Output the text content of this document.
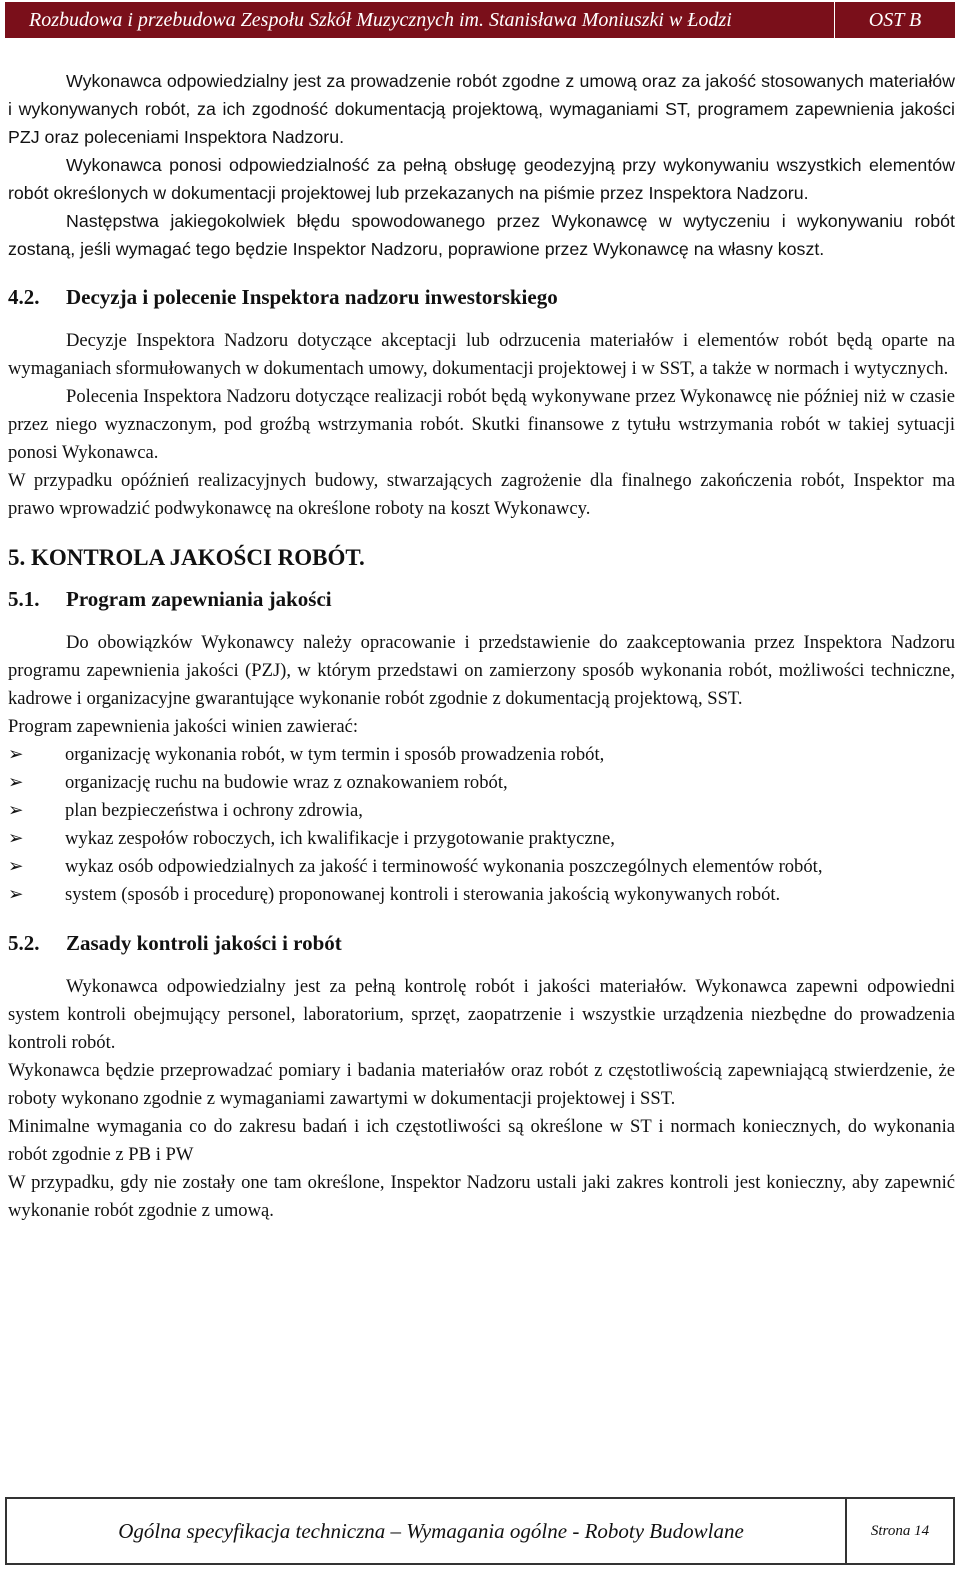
Rozbudowa i przebudowa Zespołu Szkół Muzycznych im. Stanisława Moniuszki w Łodzi	OST B

Wykonawca odpowiedzialny jest za prowadzenie robót zgodne z umową oraz za jakość stosowanych materiałów i wykonywanych robót, za ich zgodność dokumentacją projektową, wymaganiami ST, programem zapewnienia jakości PZJ oraz poleceniami Inspektora Nadzoru.

Wykonawca ponosi odpowiedzialność za pełną obsługę geodezyjną przy wykonywaniu wszystkich elementów robót określonych w dokumentacji projektowej lub przekazanych na piśmie przez Inspektora Nadzoru.

Następstwa jakiegokolwiek błędu spowodowanego przez Wykonawcę w wytyczeniu i wykonywaniu robót zostaną, jeśli wymagać tego będzie Inspektor Nadzoru, poprawione przez Wykonawcę na własny koszt.

4.2. Decyzja i polecenie Inspektora nadzoru inwestorskiego

Decyzje Inspektora Nadzoru dotyczące akceptacji lub odrzucenia materiałów i elementów robót będą oparte na wymaganiach sformułowanych w dokumentach umowy, dokumentacji projektowej i w SST, a także w normach i wytycznych.

Polecenia Inspektora Nadzoru dotyczące realizacji robót będą wykonywane przez Wykonawcę nie później niż w czasie przez niego wyznaczonym, pod groźbą wstrzymania robót. Skutki finansowe z tytułu wstrzymania robót w takiej sytuacji ponosi Wykonawca.

W przypadku opóźnień realizacyjnych budowy, stwarzających zagrożenie dla finalnego zakończenia robót, Inspektor ma prawo wprowadzić podwykonawcę na określone roboty na koszt Wykonawcy.

5. KONTROLA JAKOŚCI ROBÓT.
5.1. Program zapewniania jakości

Do obowiązków Wykonawcy należy opracowanie i przedstawienie do zaakceptowania przez Inspektora Nadzoru programu zapewnienia jakości (PZJ), w którym przedstawi on zamierzony sposób wykonania robót, możliwości techniczne, kadrowe i organizacyjne gwarantujące wykonanie robót zgodnie z dokumentacją projektową, SST.

Program zapewnienia jakości winien zawierać:

➢ organizację wykonania robót, w tym termin i sposób prowadzenia robót,
➢ organizację ruchu na budowie wraz z oznakowaniem robót,
➢ plan bezpieczeństwa i ochrony zdrowia,
➢ wykaz zespołów roboczych, ich kwalifikacje i przygotowanie praktyczne,
➢ wykaz osób odpowiedzialnych za jakość i terminowość wykonania poszczególnych elementów robót,
➢ system (sposób i procedurę) proponowanej kontroli i sterowania jakością wykonywanych robót.
5.2. Zasady kontroli jakości i robót

Wykonawca odpowiedzialny jest za pełną kontrolę robót i jakości materiałów. Wykonawca zapewni odpowiedni system kontroli obejmujący personel, laboratorium, sprzęt, zaopatrzenie i wszystkie urządzenia niezbędne do prowadzenia kontroli robót.

Wykonawca będzie przeprowadzać pomiary i badania materiałów oraz robót z częstotliwością zapewniającą stwierdzenie, że roboty wykonano zgodnie z wymaganiami zawartymi w dokumentacji projektowej i SST.

Minimalne wymagania co do zakresu badań i ich częstotliwości są określone w ST i normach koniecznych, do wykonania robót zgodnie z PB i PW

W przypadku, gdy nie zostały one tam określone, Inspektor Nadzoru ustali jaki zakres kontroli jest konieczny, aby zapewnić wykonanie robót zgodnie z umową.

Ogólna specyfikacja techniczna – Wymagania ogólne - Roboty Budowlane	Strona 14
